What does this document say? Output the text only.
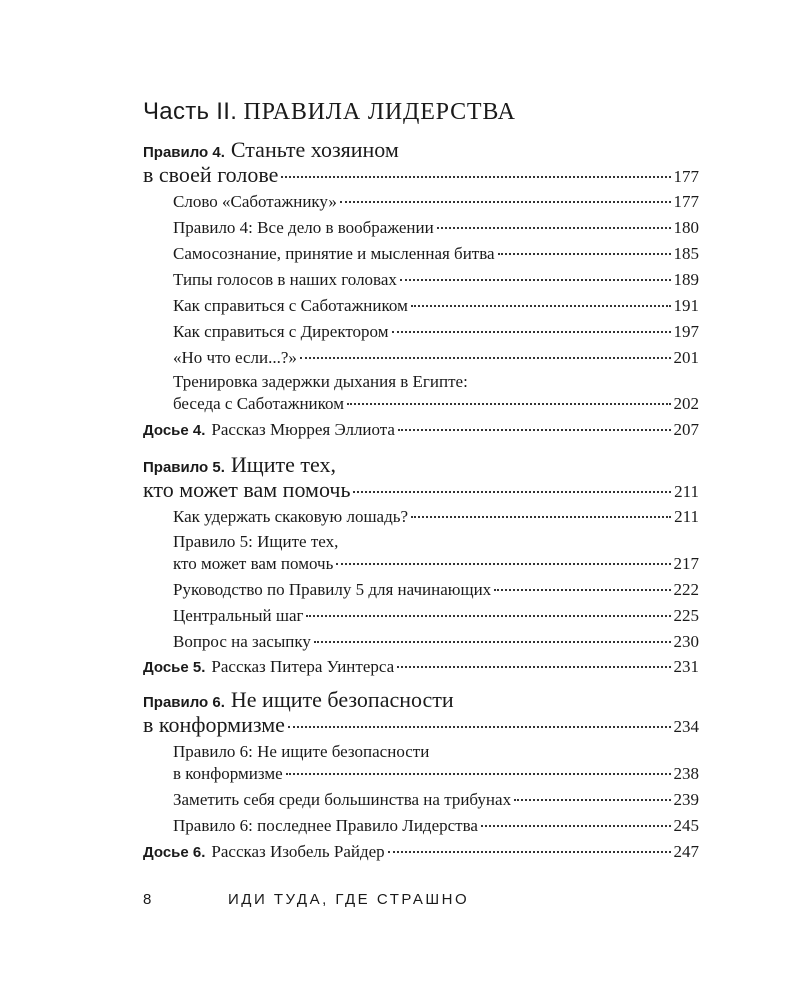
Часть II. ПРАВИЛА ЛИДЕРСТВА
Правило 4. Станьте хозяином
в своей голове	177
Слово «Саботажнику»	177
Правило 4: Все дело в воображении	180
Самосознание, принятие и мысленная битва	185
Типы голосов в наших головах	189
Как справиться с Саботажником	191
Как справиться с Директором	197
«Но что если...?»	201
Тренировка задержки дыхания в Египте:
беседа с Саботажником	202
Досье 4. Рассказ Мюррея Эллиота	207
Правило 5. Ищите тех,
кто может вам помочь	211
Как удержать скаковую лошадь?	211
Правило 5: Ищите тех,
кто может вам помочь	217
Руководство по Правилу 5 для начинающих	222
Центральный шаг	225
Вопрос на засыпку	230
Досье 5. Рассказ Питера Уинтерса	231
Правило 6. Не ищите безопасности
в конформизме	234
Правило 6: Не ищите безопасности
в конформизме	238
Заметить себя среди большинства на трибунах	239
Правило 6: последнее Правило Лидерства	245
Досье 6. Рассказ Изобель Райдер	247
8	ИДИ ТУДА, ГДЕ СТРАШНО
